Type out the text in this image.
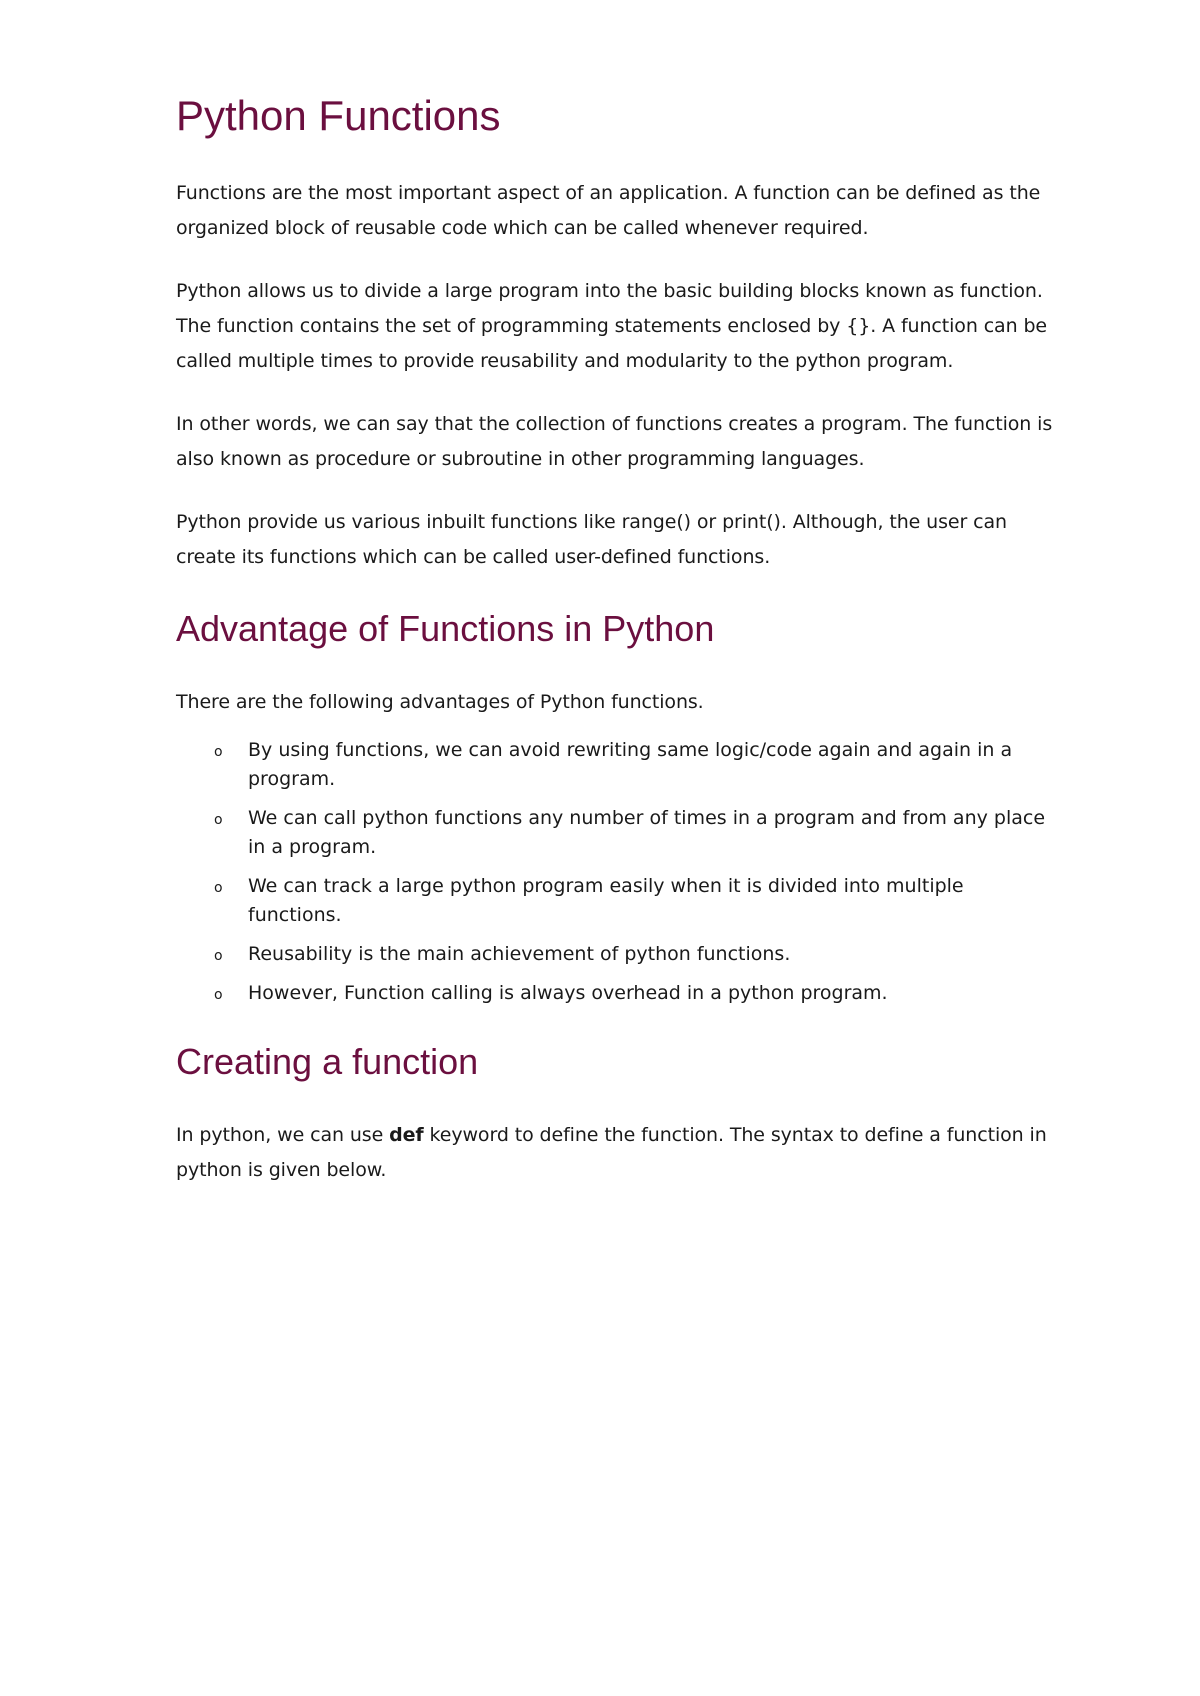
Python Functions

Functions are the most important aspect of an application. A function can be defined as the organized block of reusable code which can be called whenever required.

Python allows us to divide a large program into the basic building blocks known as function. The function contains the set of programming statements enclosed by {}. A function can be called multiple times to provide reusability and modularity to the python program.

In other words, we can say that the collection of functions creates a program. The function is also known as procedure or subroutine in other programming languages.

Python provide us various inbuilt functions like range() or print(). Although, the user can create its functions which can be called user-defined functions.

Advantage of Functions in Python

There are the following advantages of Python functions.

o By using functions, we can avoid rewriting same logic/code again and again in a program.
o We can call python functions any number of times in a program and from any place in a program.
o We can track a large python program easily when it is divided into multiple functions.
o Reusability is the main achievement of python functions.
o However, Function calling is always overhead in a python program.
Creating a function

In python, we can use def keyword to define the function. The syntax to define a function in python is given below.
